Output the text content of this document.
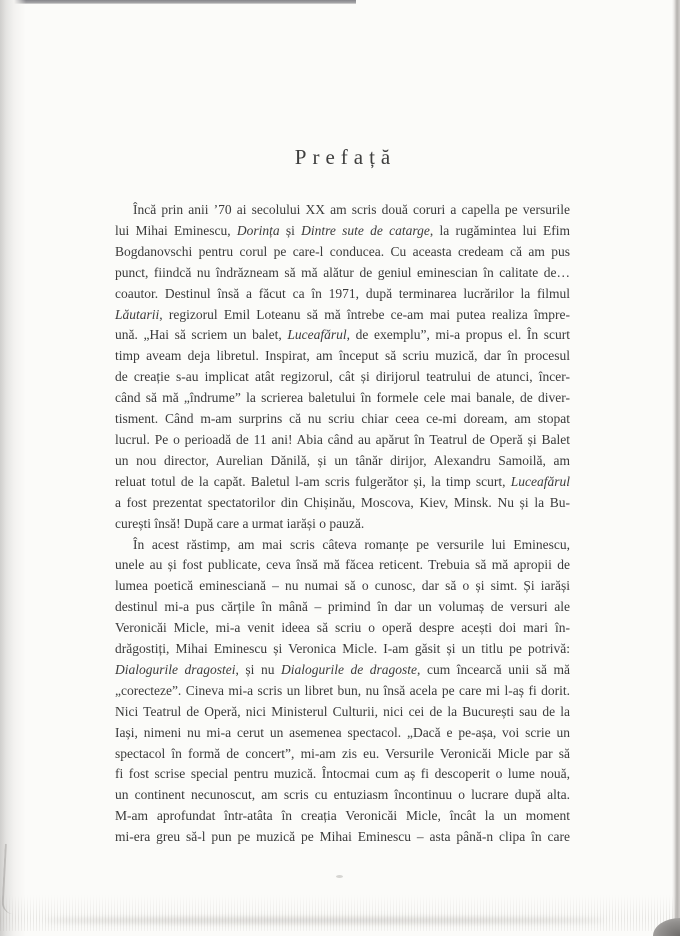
Prefață
Încă prin anii ’70 ai secolului XX am scris două coruri a capella pe versurile
lui Mihai Eminescu, Dorința și Dintre sute de catarge, la rugămintea lui Efim
Bogdanovschi pentru corul pe care-l conducea. Cu aceasta credeam că am pus
punct, fiindcă nu îndrăzneam să mă alătur de geniul eminescian în calitate de…
coautor. Destinul însă a făcut ca în 1971, după terminarea lucrărilor la filmul
Lăutarii, regizorul Emil Loteanu să mă întrebe ce-am mai putea realiza împre-
ună. „Hai să scriem un balet, Luceafărul, de exemplu”, mi-a propus el. În scurt
timp aveam deja libretul. Inspirat, am început să scriu muzică, dar în procesul
de creație s-au implicat atât regizorul, cât și dirijorul teatrului de atunci, încer-
când să mă „îndrume” la scrierea baletului în formele cele mai banale, de diver-
tisment. Când m-am surprins că nu scriu chiar ceea ce-mi doream, am stopat
lucrul. Pe o perioadă de 11 ani! Abia când au apărut în Teatrul de Operă și Balet
un nou director, Aurelian Dănilă, și un tânăr dirijor, Alexandru Samoilă, am
reluat totul de la capăt. Baletul l-am scris fulgerător și, la timp scurt, Luceafărul
a fost prezentat spectatorilor din Chișinău, Moscova, Kiev, Minsk. Nu și la Bu-
curești însă! După care a urmat iarăși o pauză.
În acest răstimp, am mai scris câteva romanțe pe versurile lui Eminescu,
unele au și fost publicate, ceva însă mă făcea reticent. Trebuia să mă apropii de
lumea poetică eminesciană – nu numai să o cunosc, dar să o și simt. Și iarăși
destinul mi-a pus cărțile în mână – primind în dar un volumaș de versuri ale
Veronicăi Micle, mi-a venit ideea să scriu o operă despre acești doi mari în-
drăgostiți, Mihai Eminescu și Veronica Micle. I-am găsit și un titlu pe potrivă:
Dialogurile dragostei, și nu Dialogurile de dragoste, cum încearcă unii să mă
„corecteze”. Cineva mi-a scris un libret bun, nu însă acela pe care mi l-aș fi dorit.
Nici Teatrul de Operă, nici Ministerul Culturii, nici cei de la București sau de la
Iași, nimeni nu mi-a cerut un asemenea spectacol. „Dacă e pe-așa, voi scrie un
spectacol în formă de concert”, mi-am zis eu. Versurile Veronicăi Micle par să
fi fost scrise special pentru muzică. Întocmai cum aș fi descoperit o lume nouă,
un continent necunoscut, am scris cu entuziasm încontinuu o lucrare după alta.
M-am aprofundat într-atâta în creația Veronicăi Micle, încât la un moment
mi-era greu să-l pun pe muzică pe Mihai Eminescu – asta până-n clipa în care
